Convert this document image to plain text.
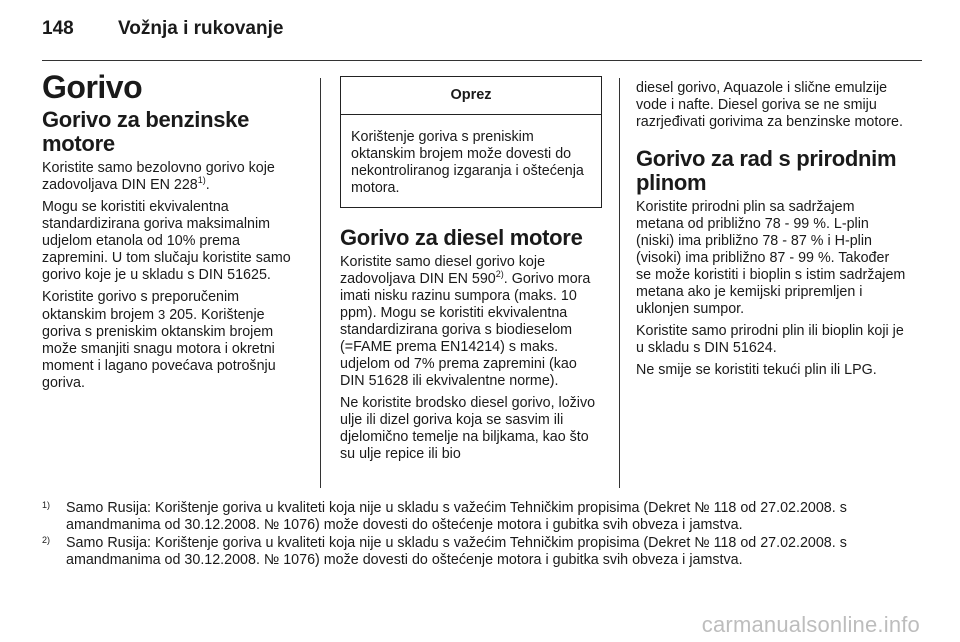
148 Vožnja i rukovanje
Gorivo
Gorivo za benzinske motore

Koristite samo bezolovno gorivo koje zadovoljava DIN EN 228$^{1)}$.

Mogu se koristiti ekvivalentna standardizirana goriva maksimalnim udjelom etanola od 10% prema zapremini. U tom slučaju koristite samo gorivo koje je u skladu s DIN 51625.

Koristite gorivo s preporučenim oktanskim brojem 3 205. Korištenje goriva s preniskim oktanskim brojem može smanjiti snagu motora i okretni moment i lagano povećava potrošnju goriva.

Oprez
Korištenje goriva s preniskim oktanskim brojem može dovesti do nekontroliranog izgaranja i oštećenja motora.
Gorivo za diesel motore

Koristite samo diesel gorivo koje zadovoljava DIN EN 590$^{2)}$. Gorivo mora imati nisku razinu sumpora (maks. 10 ppm). Mogu se koristiti ekvivalentna standardizirana goriva s biodieselom (=FAME prema EN14214) s maks. udjelom od 7% prema zapremini (kao DIN 51628 ili ekvivalentne norme).

Ne koristite brodsko diesel gorivo, loživo ulje ili dizel goriva koja se sasvim ili djelomično temelje na biljkama, kao što su ulje repice ili bio

diesel gorivo, Aquazole i slične emulzije vode i nafte. Diesel goriva se ne smiju razrjeđivati gorivima za benzinske motore.

Gorivo za rad s prirodnim plinom

Koristite prirodni plin sa sadržajem metana od približno 78 - 99 %. L-plin (niski) ima približno 78 - 87 % i H-plin (visoki) ima približno 87 - 99 %. Također se može koristiti i bioplin s istim sadržajem metana ako je kemijski pripremljen i uklonjen sumpor.

Koristite samo prirodni plin ili bioplin koji je u skladu s DIN 51624.

Ne smije se koristiti tekući plin ili LPG.

1) Samo Rusija: Korištenje goriva u kvaliteti koja nije u skladu s važećim Tehničkim propisima (Dekret № 118 od 27.02.2008. s amandmanima od 30.12.2008. № 1076) može dovesti do oštećenje motora i gubitka svih obveza i jamstva.
2) Samo Rusija: Korištenje goriva u kvaliteti koja nije u skladu s važećim Tehničkim propisima (Dekret № 118 od 27.02.2008. s amandmanima od 30.12.2008. № 1076) može dovesti do oštećenje motora i gubitka svih obveza i jamstva.
carmanualsonline.info
